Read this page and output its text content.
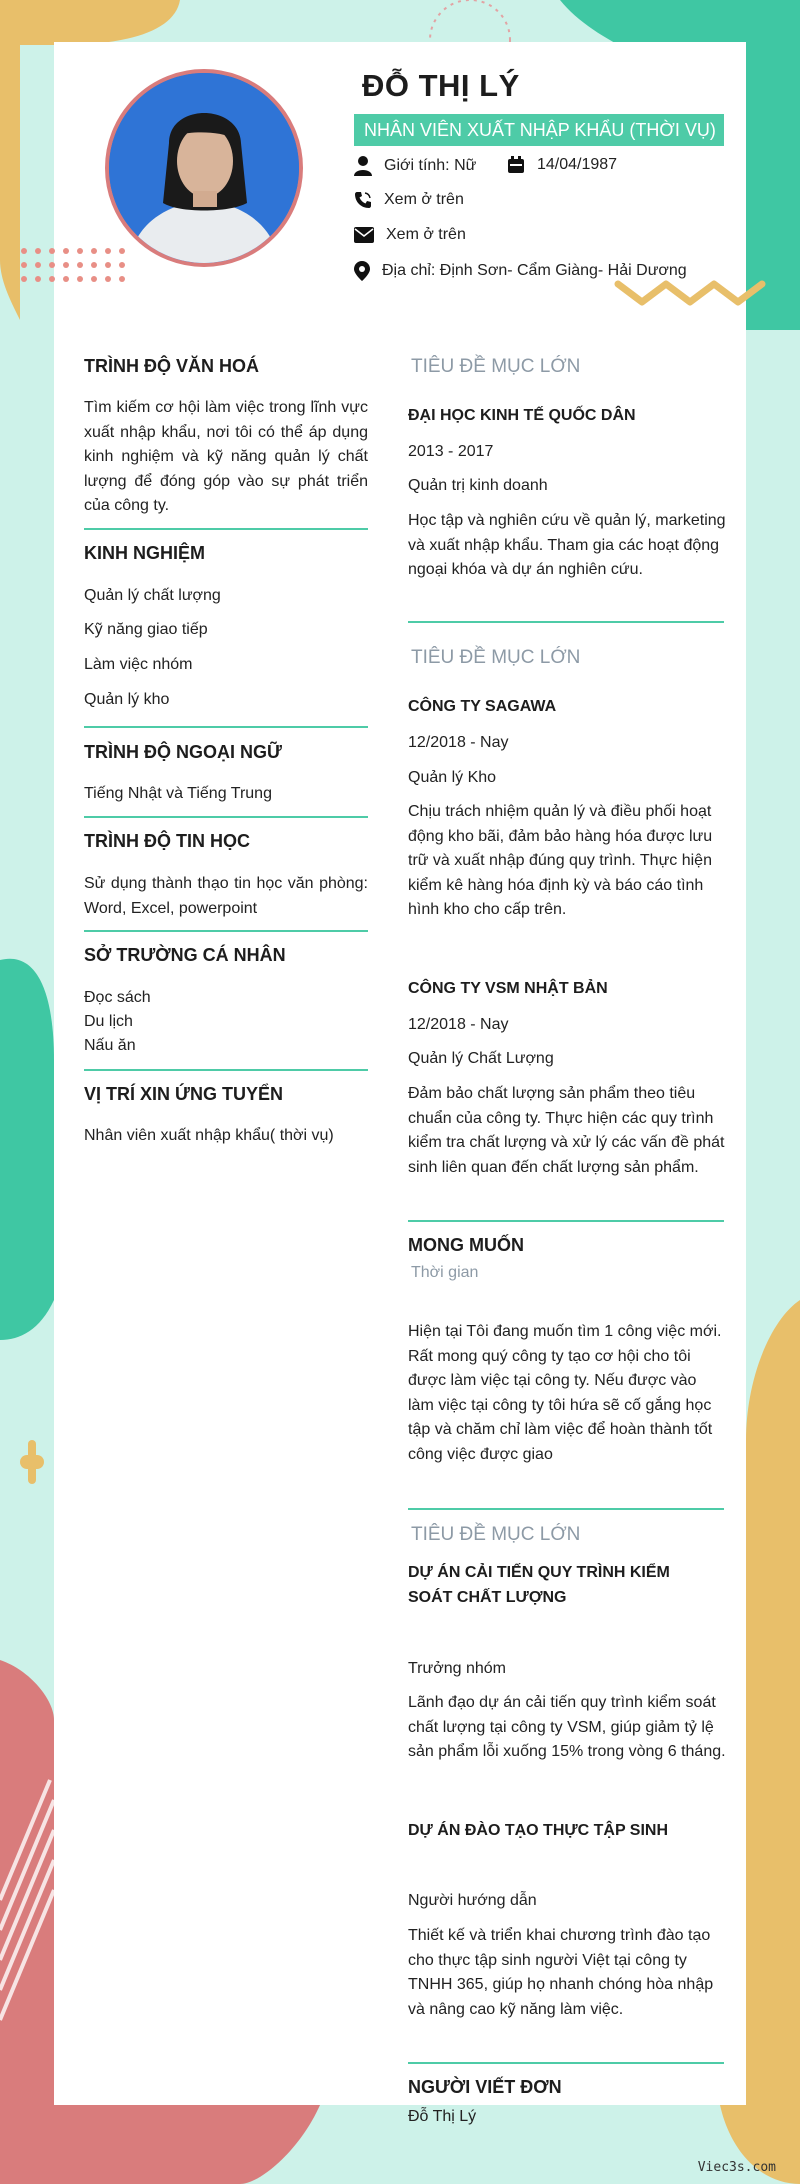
ĐỖ THỊ LÝ
NHÂN VIÊN XUẤT NHẬP KHẨU (THỜI VỤ)
Giới tính: Nữ	14/04/1987
Xem ở trên
Xem ở trên
Địa chỉ: Định Sơn- Cẩm Giàng- Hải Dương
TRÌNH ĐỘ VĂN HOÁ
Tìm kiếm cơ hội làm việc trong lĩnh vực xuất nhập khẩu, nơi tôi có thể áp dụng kinh nghiệm và kỹ năng quản lý chất lượng để đóng góp vào sự phát triển của công ty.
KINH NGHIỆM
Quản lý chất lượng
Kỹ năng giao tiếp
Làm việc nhóm
Quản lý kho
TRÌNH ĐỘ NGOẠI NGỮ
Tiếng Nhật và Tiếng Trung
TRÌNH ĐỘ TIN HỌC
Sử dụng thành thạo tin học văn phòng: Word, Excel, powerpoint
SỞ TRƯỜNG CÁ NHÂN
Đọc sách
Du lịch
Nấu ăn
VỊ TRÍ XIN ỨNG TUYỂN
Nhân viên xuất nhập khẩu( thời vụ)
TIÊU ĐỀ MỤC LỚN
ĐẠI HỌC KINH TẾ QUỐC DÂN
2013 - 2017
Quản trị kinh doanh
Học tập và nghiên cứu về quản lý, marketing và xuất nhập khẩu. Tham gia các hoạt động ngoại khóa và dự án nghiên cứu.
TIÊU ĐỀ MỤC LỚN
CÔNG TY SAGAWA
12/2018 - Nay
Quản lý Kho
Chịu trách nhiệm quản lý và điều phối hoạt động kho bãi, đảm bảo hàng hóa được lưu trữ và xuất nhập đúng quy trình. Thực hiện kiểm kê hàng hóa định kỳ và báo cáo tình hình kho cho cấp trên.
CÔNG TY VSM NHẬT BẢN
12/2018 - Nay
Quản lý Chất Lượng
Đảm bảo chất lượng sản phẩm theo tiêu chuẩn của công ty. Thực hiện các quy trình kiểm tra chất lượng và xử lý các vấn đề phát sinh liên quan đến chất lượng sản phẩm.
MONG MUỐN
Thời gian
Hiện tại Tôi đang muốn tìm 1 công việc mới. Rất mong quý công ty tạo cơ hội cho tôi được làm việc tại công ty. Nếu được vào làm việc tại công ty tôi hứa sẽ cố gắng học tập và chăm chỉ làm việc để hoàn thành tốt công việc được giao
TIÊU ĐỀ MỤC LỚN
DỰ ÁN CẢI TIẾN QUY TRÌNH KIỂM SOÁT CHẤT LƯỢNG
Trưởng nhóm
Lãnh đạo dự án cải tiến quy trình kiểm soát chất lượng tại công ty VSM, giúp giảm tỷ lệ sản phẩm lỗi xuống 15% trong vòng 6 tháng.
DỰ ÁN ĐÀO TẠO THỰC TẬP SINH
Người hướng dẫn
Thiết kế và triển khai chương trình đào tạo cho thực tập sinh người Việt tại công ty TNHH 365, giúp họ nhanh chóng hòa nhập và nâng cao kỹ năng làm việc.
NGƯỜI VIẾT ĐƠN
Đỗ Thị Lý
Viec3s.com
